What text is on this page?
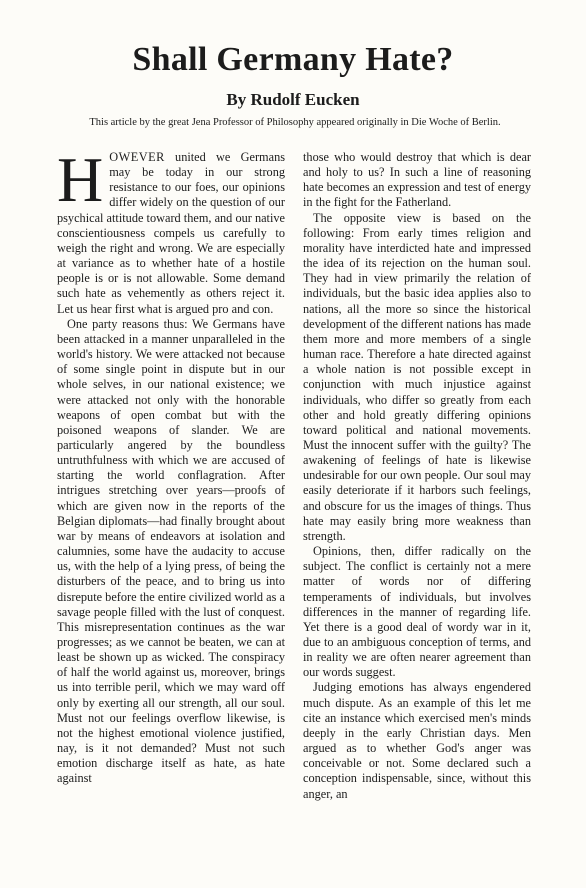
Shall Germany Hate?
By Rudolf Eucken
This article by the great Jena Professor of Philosophy appeared originally in Die Woche of Berlin.

HOWEVER united we Germans may be today in our strong resistance to our foes, our opinions differ widely on the question of our psychical attitude toward them, and our native conscientiousness compels us carefully to weigh the right and wrong. We are especially at variance as to whether hate of a hostile people is or is not allowable. Some demand such hate as vehemently as others reject it. Let us hear first what is argued pro and con.

One party reasons thus: We Germans have been attacked in a manner unparalleled in the world's history. We were attacked not because of some single point in dispute but in our whole selves, in our national existence; we were attacked not only with the honorable weapons of open combat but with the poisoned weapons of slander. We are particularly angered by the boundless untruthfulness with which we are accused of starting the world conflagration. After intrigues stretching over years—proofs of which are given now in the reports of the Belgian diplomats—had finally brought about war by means of endeavors at isolation and calumnies, some have the audacity to accuse us, with the help of a lying press, of being the disturbers of the peace, and to bring us into disrepute before the entire civilized world as a savage people filled with the lust of conquest. This misrepresentation continues as the war progresses; as we cannot be beaten, we can at least be shown up as wicked. The conspiracy of half the world against us, moreover, brings us into terrible peril, which we may ward off only by exerting all our strength, all our soul. Must not our feelings overflow likewise, is not the highest emotional violence justified, nay, is it not demanded? Must not such emotion discharge itself as hate, as hate against

those who would destroy that which is dear and holy to us? In such a line of reasoning hate becomes an expression and test of energy in the fight for the Fatherland.

The opposite view is based on the following: From early times religion and morality have interdicted hate and impressed the idea of its rejection on the human soul. They had in view primarily the relation of individuals, but the basic idea applies also to nations, all the more so since the historical development of the different nations has made them more and more members of a single human race. Therefore a hate directed against a whole nation is not possible except in conjunction with much injustice against individuals, who differ so greatly from each other and hold greatly differing opinions toward political and national movements. Must the innocent suffer with the guilty? The awakening of feelings of hate is likewise undesirable for our own people. Our soul may easily deteriorate if it harbors such feelings, and obscure for us the images of things. Thus hate may easily bring more weakness than strength.

Opinions, then, differ radically on the subject. The conflict is certainly not a mere matter of words nor of differing temperaments of individuals, but involves differences in the manner of regarding life. Yet there is a good deal of wordy war in it, due to an ambiguous conception of terms, and in reality we are often nearer agreement than our words suggest.

Judging emotions has always engendered much dispute. As an example of this let me cite an instance which exercised men's minds deeply in the early Christian days. Men argued as to whether God's anger was conceivable or not. Some declared such a conception indispensable, since, without this anger, an
